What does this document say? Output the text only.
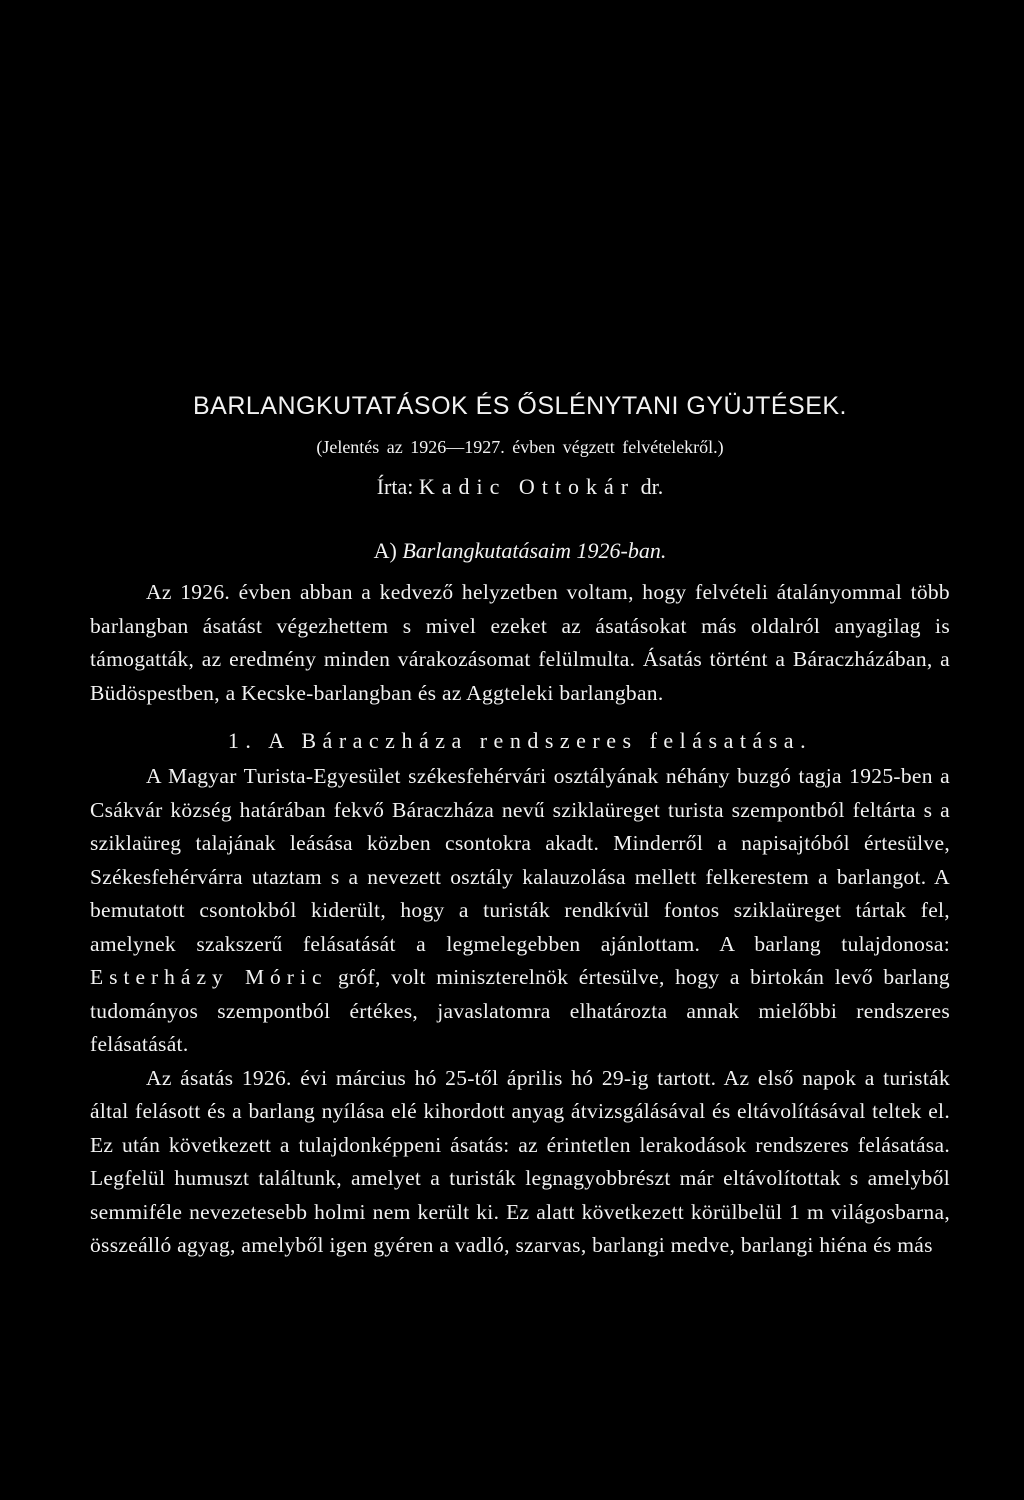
BARLANGKUTATÁSOK ÉS ŐSLÉNYTANI GYÜJTÉSEK.
(Jelentés az 1926—1927. évben végzett felvételekről.)
Írta: Kadic Ottokár dr.
A) Barlangkutatásaim 1926-ban.

Az 1926. évben abban a kedvező helyzetben voltam, hogy felvételi átalányommal több barlangban ásatást végezhettem s mivel ezeket az ásatásokat más oldalról anyagilag is támogatták, az eredmény minden várakozásomat felülmulta. Ásatás történt a Báraczházában, a Büdöspestben, a Kecske-barlangban és az Aggteleki barlangban.

1. A Báraczháza rendszeres felásatása.

A Magyar Turista-Egyesület székesfehérvári osztályának néhány buzgó tagja 1925-ben a Csákvár község határában fekvő Báraczháza nevű sziklaüreget turista szempontból feltárta s a sziklaüreg talajának leásása közben csontokra akadt. Minderről a napisajtóból értesülve, Székesfehérvárra utaztam s a nevezett osztály kalauzolása mellett felkerestem a barlangot. A bemutatott csontokból kiderült, hogy a turisták rendkívül fontos sziklaüreget tártak fel, amelynek szakszerű felásatását a legmelegebben ajánlottam. A barlang tulajdonosa: Esterházy Móric gróf, volt miniszterelnök értesülve, hogy a birtokán levő barlang tudományos szempontból értékes, javaslatomra elhatározta annak mielőbbi rendszeres felásatását.

Az ásatás 1926. évi március hó 25-től április hó 29-ig tartott. Az első napok a turisták által felásott és a barlang nyílása elé kihordott anyag átvizsgálásával és eltávolításával teltek el. Ez után következett a tulajdonképpeni ásatás: az érintetlen lerakodások rendszeres felásatása. Legfelül humuszt találtunk, amelyet a turisták legnagyobbrészt már eltávolítottak s amelyből semmiféle nevezetesebb holmi nem került ki. Ez alatt következett körülbelül 1 m világosbarna, összeálló agyag, amelyből igen gyéren a vadló, szarvas, barlangi medve, barlangi hiéna és más
